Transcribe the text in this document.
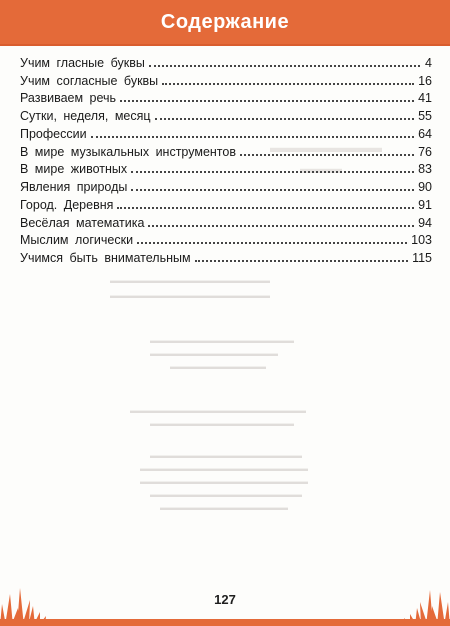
Содержание
▬▬▬▬▬▬▬▬
▬▬▬
▬▬▬▬▬▬▬▬▬▬▬▬▬▬▬▬▬▬▬▬
▬▬▬▬▬▬▬▬▬▬▬▬▬▬▬▬▬▬▬▬
▬▬▬▬▬▬▬▬▬▬▬▬▬▬▬▬▬▬
▬▬▬▬▬▬▬▬▬▬▬▬▬▬▬▬
▬▬▬▬▬▬▬▬▬▬▬▬
▬▬▬▬▬▬▬▬▬▬▬▬▬▬▬▬▬▬▬▬▬▬
▬▬▬▬▬▬▬▬▬▬▬▬▬▬▬▬▬▬
▬▬▬▬▬▬▬▬▬▬▬▬▬▬▬▬▬▬▬
▬▬▬▬▬▬▬▬▬▬▬▬▬▬▬▬▬▬▬▬▬
▬▬▬▬▬▬▬▬▬▬▬▬▬▬▬▬▬▬▬▬▬
▬▬▬▬▬▬▬▬▬▬▬▬▬▬▬▬▬▬▬
▬▬▬▬▬▬▬▬▬▬▬▬▬▬▬▬
Учим гласные буквы	4
Учим согласные буквы	16
Развиваем речь	41
Сутки, неделя, месяц	55
Профессии	64
В мире музыкальных инструментов	76
В мире животных	83
Явления природы	90
Город. Деревня	91
Весёлая математика	94
Мыслим логически	103
Учимся быть внимательным	115
127
